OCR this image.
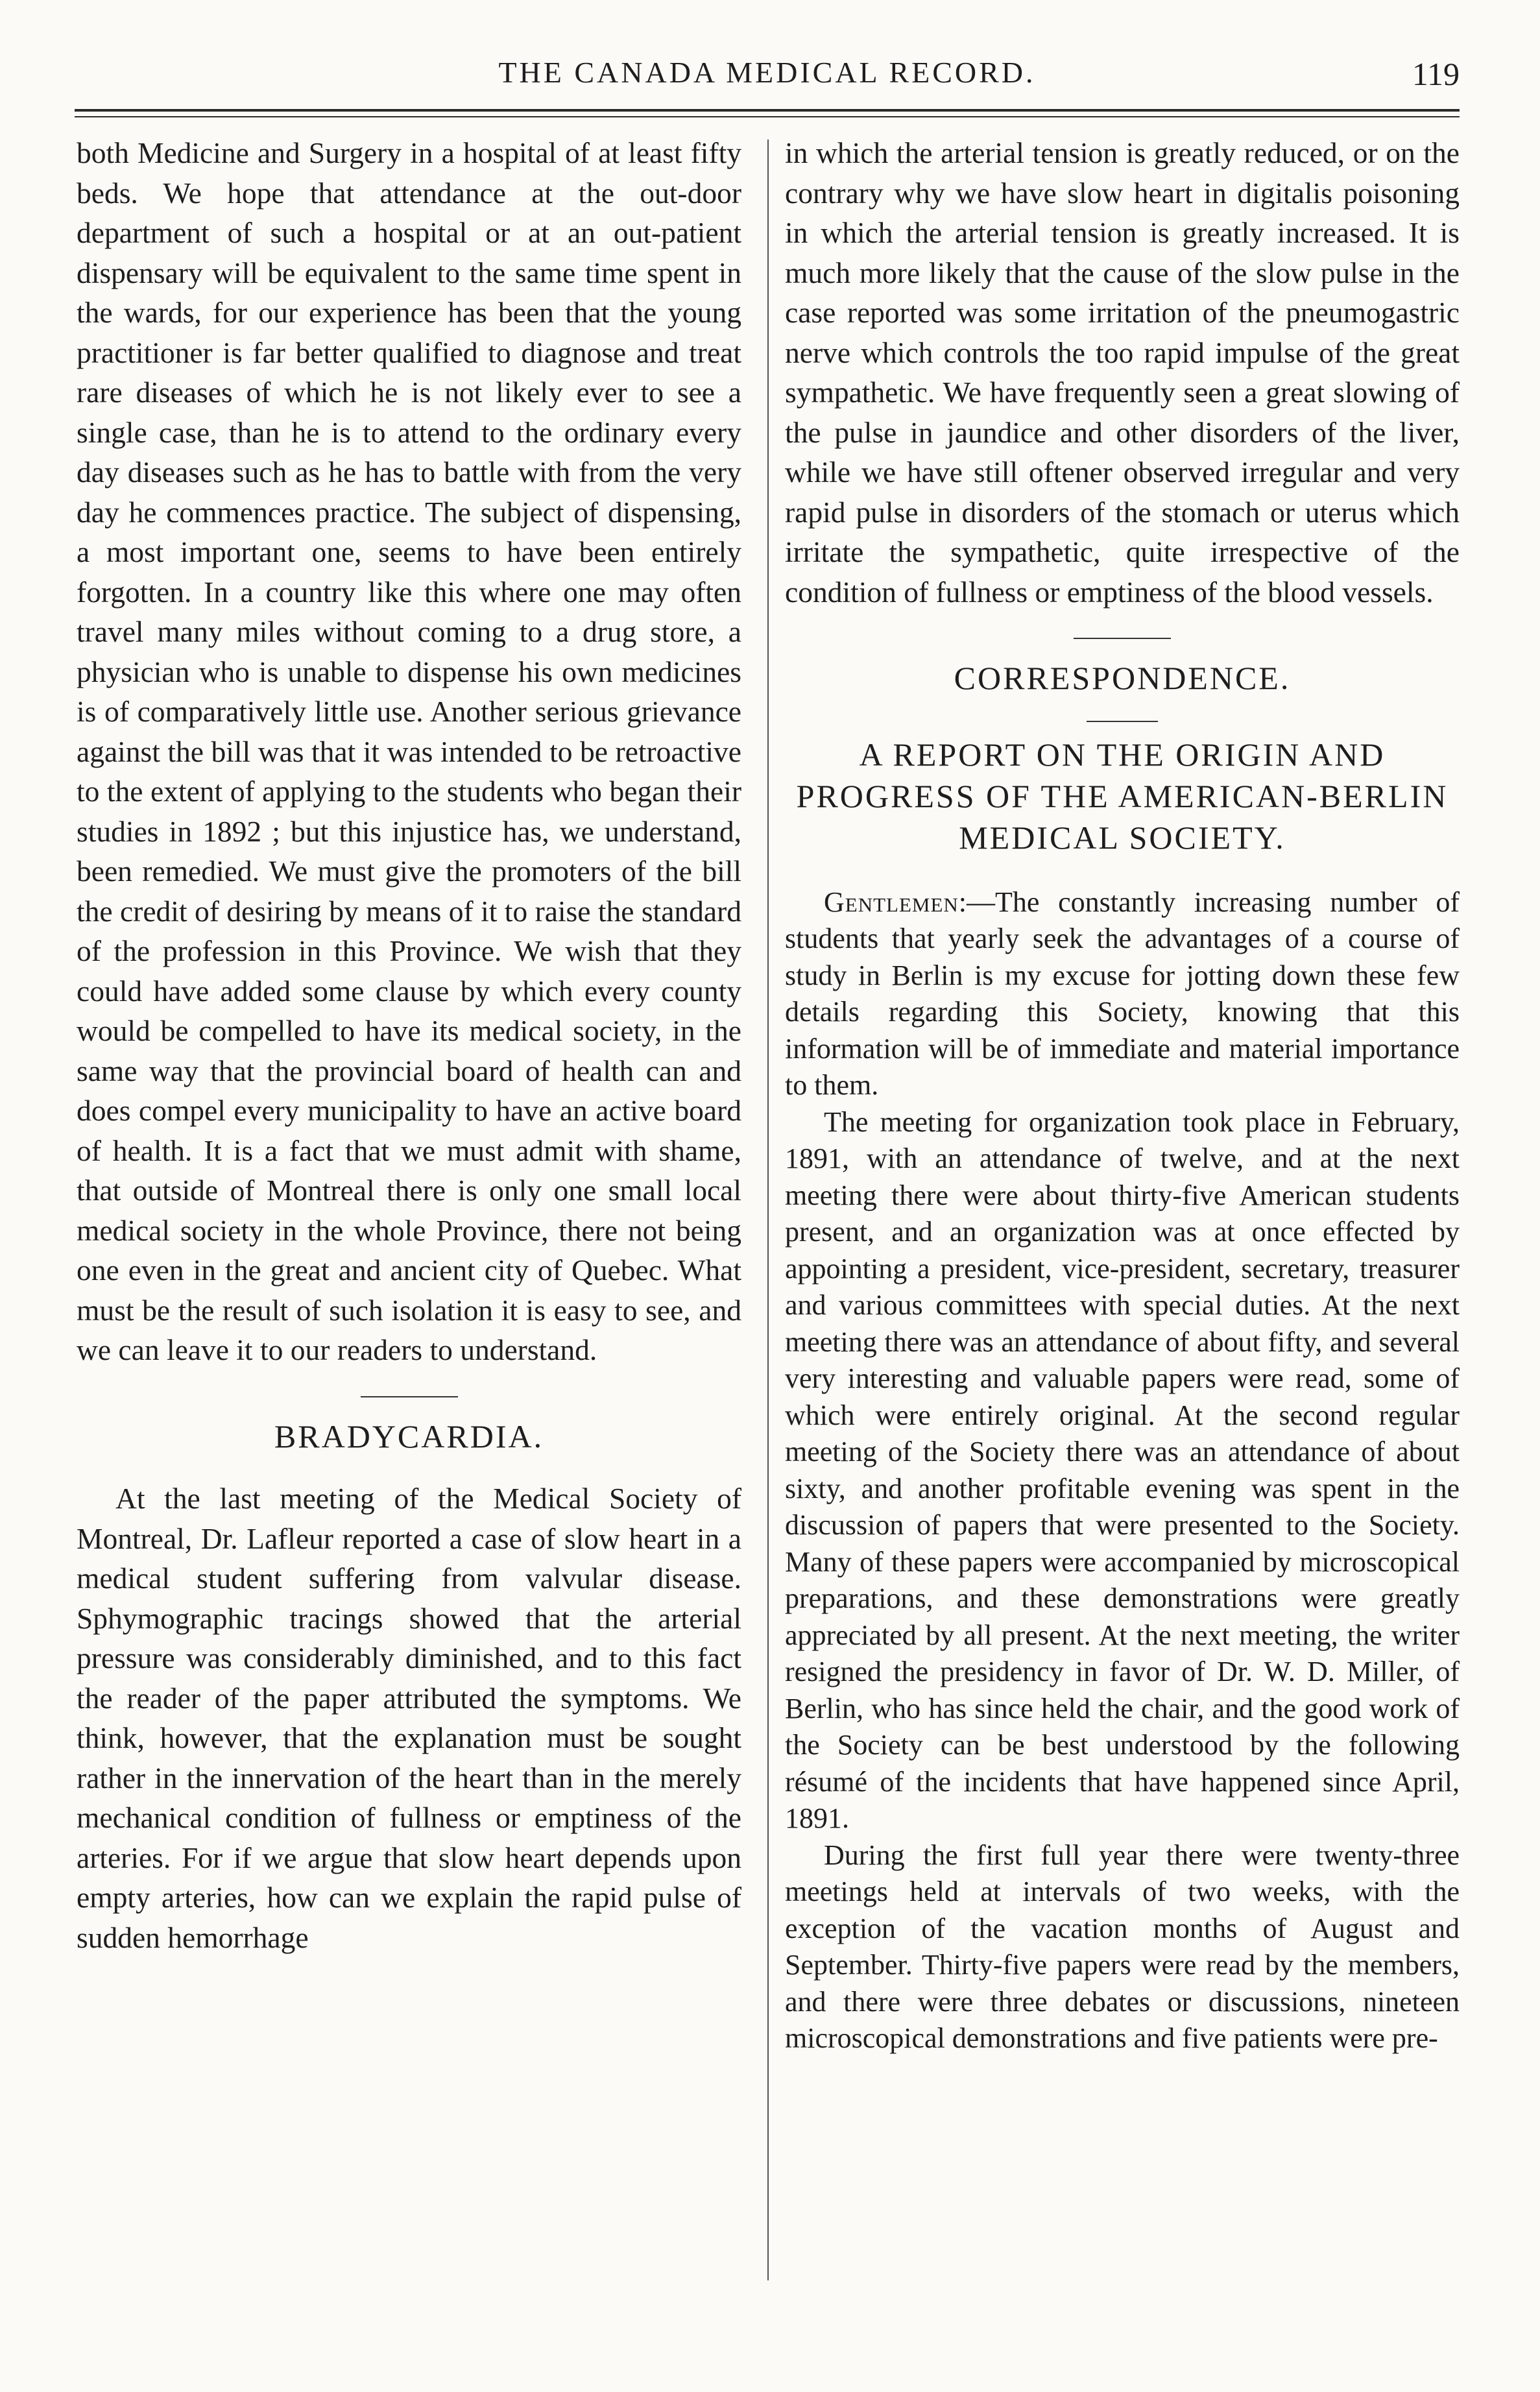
THE CANADA MEDICAL RECORD.	119

both Medicine and Surgery in a hospital of at least fifty beds. We hope that attendance at the out-door department of such a hospital or at an out-patient dispensary will be equivalent to the same time spent in the wards, for our experience has been that the young practitioner is far better qualified to diagnose and treat rare diseases of which he is not likely ever to see a single case, than he is to attend to the ordinary every day diseases such as he has to battle with from the very day he commences practice. The subject of dispensing, a most important one, seems to have been entirely forgotten. In a country like this where one may often travel many miles without coming to a drug store, a physician who is unable to dispense his own medicines is of comparatively little use. Another serious grievance against the bill was that it was intended to be retroactive to the extent of applying to the students who began their studies in 1892 ; but this injustice has, we understand, been remedied. We must give the promoters of the bill the credit of desiring by means of it to raise the standard of the profession in this Province. We wish that they could have added some clause by which every county would be compelled to have its medical society, in the same way that the provincial board of health can and does compel every municipality to have an active board of health. It is a fact that we must admit with shame, that outside of Montreal there is only one small local medical society in the whole Province, there not being one even in the great and ancient city of Quebec. What must be the result of such isolation it is easy to see, and we can leave it to our readers to understand.

BRADYCARDIA.

At the last meeting of the Medical Society of Montreal, Dr. Lafleur reported a case of slow heart in a medical student suffering from valvular disease. Sphymographic tracings showed that the arterial pressure was considerably diminished, and to this fact the reader of the paper attributed the symptoms. We think, however, that the explanation must be sought rather in the innervation of the heart than in the merely mechanical condition of fullness or emptiness of the arteries. For if we argue that slow heart depends upon empty arteries, how can we explain the rapid pulse of sudden hemorrhage

in which the arterial tension is greatly reduced, or on the contrary why we have slow heart in digitalis poisoning in which the arterial tension is greatly increased. It is much more likely that the cause of the slow pulse in the case reported was some irritation of the pneumogastric nerve which controls the too rapid impulse of the great sympathetic. We have frequently seen a great slowing of the pulse in jaundice and other disorders of the liver, while we have still oftener observed irregular and very rapid pulse in disorders of the stomach or uterus which irritate the sympathetic, quite irrespective of the condition of fullness or emptiness of the blood vessels.

CORRESPONDENCE.
A REPORT ON THE ORIGIN AND PROGRESS OF THE AMERICAN-BERLIN MEDICAL SOCIETY.

Gentlemen:—The constantly increasing number of students that yearly seek the advantages of a course of study in Berlin is my excuse for jotting down these few details regarding this Society, knowing that this information will be of immediate and material importance to them.

The meeting for organization took place in February, 1891, with an attendance of twelve, and at the next meeting there were about thirty-five American students present, and an organization was at once effected by appointing a president, vice-president, secretary, treasurer and various committees with special duties. At the next meeting there was an attendance of about fifty, and several very interesting and valuable papers were read, some of which were entirely original. At the second regular meeting of the Society there was an attendance of about sixty, and another profitable evening was spent in the discussion of papers that were presented to the Society. Many of these papers were accompanied by microscopical preparations, and these demonstrations were greatly appreciated by all present. At the next meeting, the writer resigned the presidency in favor of Dr. W. D. Miller, of Berlin, who has since held the chair, and the good work of the Society can be best understood by the following résumé of the incidents that have happened since April, 1891.

During the first full year there were twenty-three meetings held at intervals of two weeks, with the exception of the vacation months of August and September. Thirty-five papers were read by the members, and there were three debates or discussions, nineteen microscopical demonstrations and five patients were pre-
